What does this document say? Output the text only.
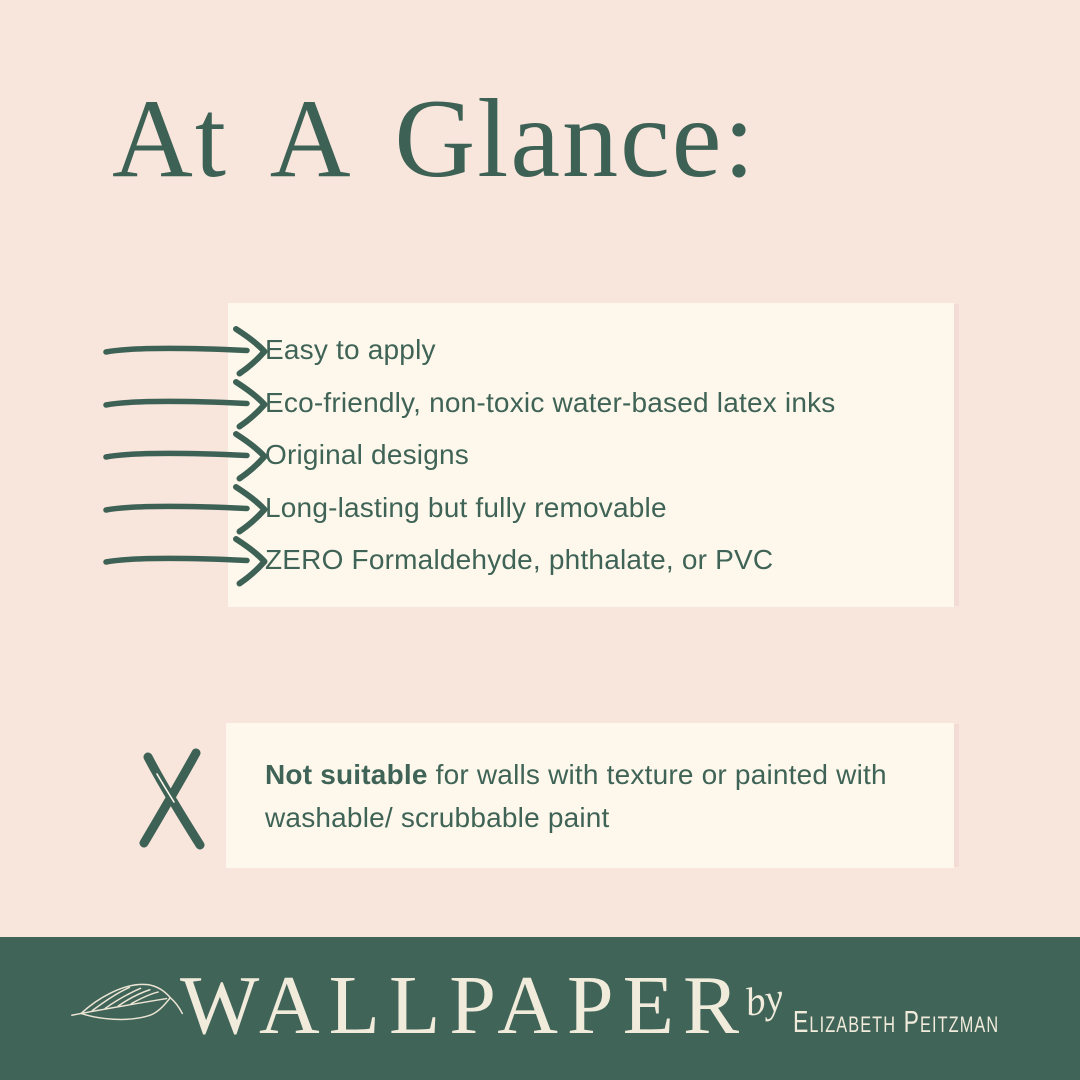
At A Glance:
Easy to apply
Eco-friendly, non-toxic water-based latex inks
Original designs
Long-lasting but fully removable
ZERO Formaldehyde, phthalate, or PVC

Not suitable for walls with texture or painted with washable/ scrubbable paint

WALLPAPER
by Elizabeth Peitzman
